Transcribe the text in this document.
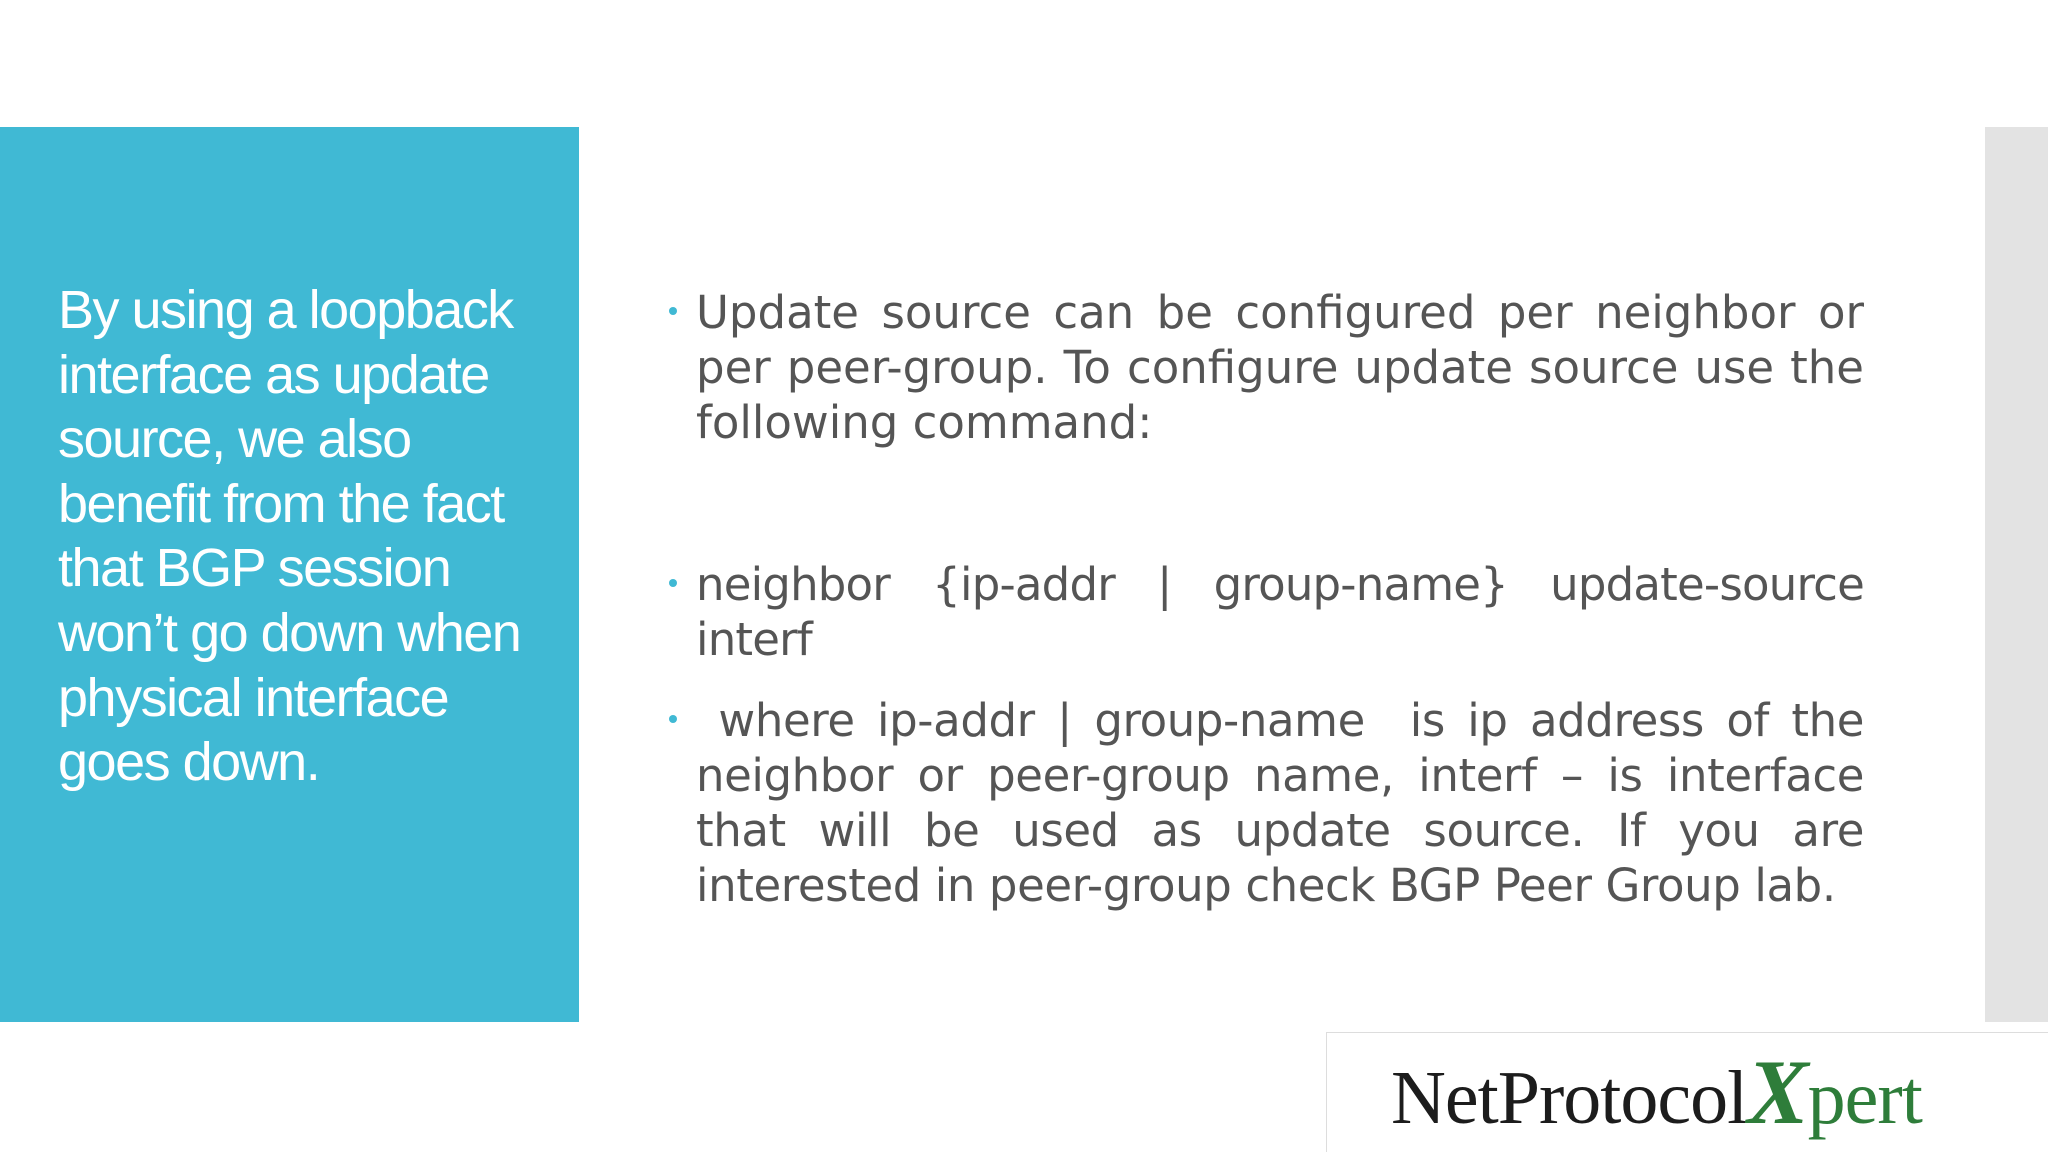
By using a loopback interface as update source, we also benefit from the fact that BGP session won’t go down when physical interface goes down.

Update source can be configured per neighbor or per peer-group. To configure update source use the following command:
neighbor {ip-addr | group-name} update-source interf
where ip-addr | group-name  is ip address of the neighbor or peer-group name, interf – is interface that will be used as update source. If you are interested in peer-group check BGP Peer Group lab.
NetProtocolXpert
